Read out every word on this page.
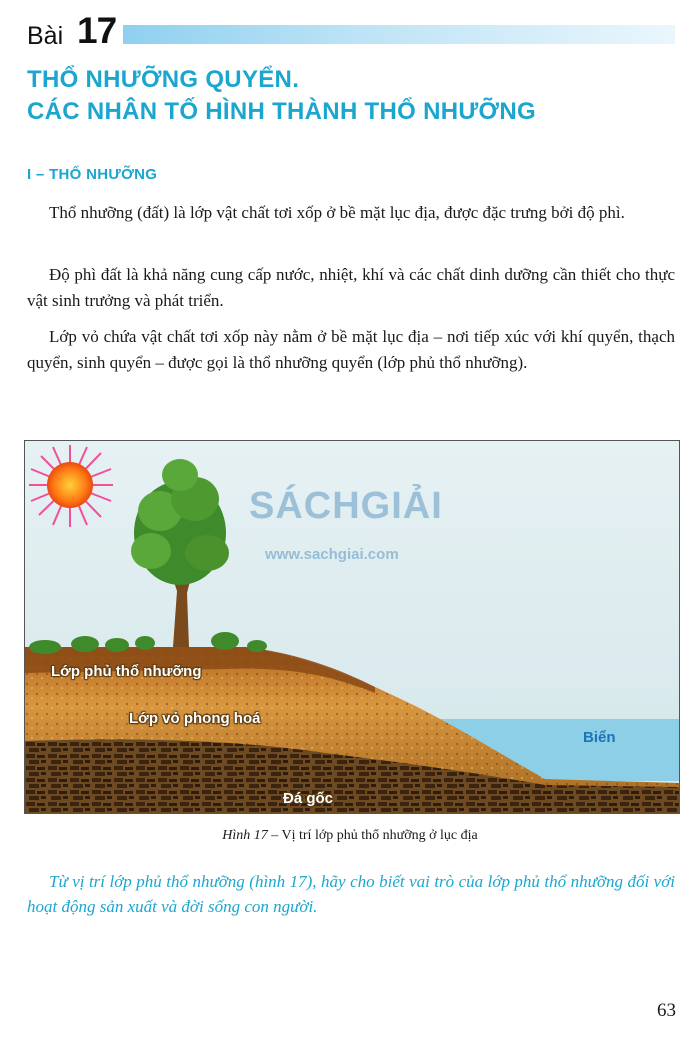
Bài 17
THỔ NHƯỠNG QUYỂN.
CÁC NHÂN TỐ HÌNH THÀNH THỔ NHƯỠNG
I – THỔ NHƯỠNG

Thổ nhưỡng (đất) là lớp vật chất tơi xốp ở bề mặt lục địa, được đặc trưng bởi độ phì.

Độ phì đất là khả năng cung cấp nước, nhiệt, khí và các chất dinh dưỡng cần thiết cho thực vật sinh trưởng và phát triển.

Lớp vỏ chứa vật chất tơi xốp này nằm ở bề mặt lục địa – nơi tiếp xúc với khí quyển, thạch quyển, sinh quyển – được gọi là thổ nhưỡng quyển (lớp phủ thổ nhưỡng).

SÁCHGIẢI
www.sachgiai.com
Lớp phủ thổ nhưỡng
Lớp vỏ phong hoá
Đá gốc
Biển

Hình 17 – Vị trí lớp phủ thổ nhưỡng ở lục địa

Từ vị trí lớp phủ thổ nhưỡng (hình 17), hãy cho biết vai trò của lớp phủ thổ nhưỡng đối với hoạt động sản xuất và đời sống con người.

63
